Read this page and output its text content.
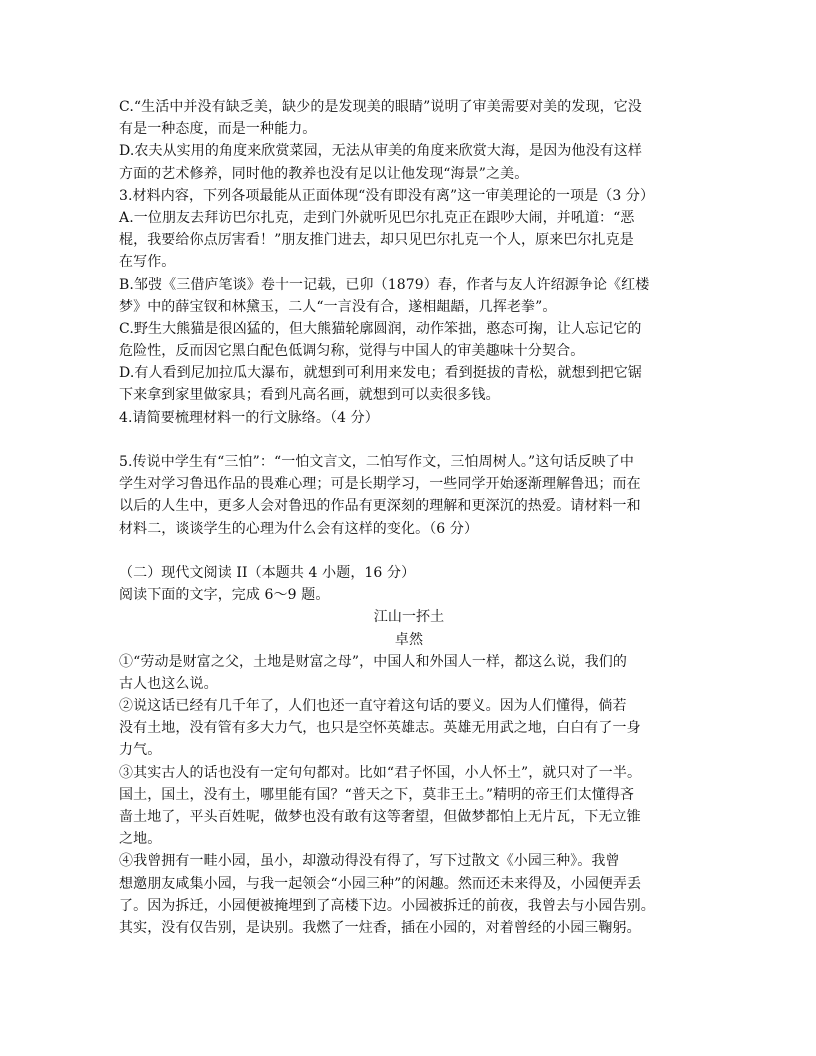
C.“生活中并没有缺乏美，缺少的是发现美的眼睛”说明了审美需要对美的发现，它没
有是一种态度，而是一种能力。
D.农夫从实用的角度来欣赏菜园，无法从审美的角度来欣赏大海，是因为他没有这样
方面的艺术修养，同时他的教养也没有足以让他发现“海景”之美。
3.材料内容，下列各项最能从正面体现“没有即没有离”这一审美理论的一项是（3 分）
A.一位朋友去拜访巴尔扎克，走到门外就听见巴尔扎克正在跟吵大闹，并吼道：“恶
棍，我要给你点厉害看！”朋友推门进去，却只见巴尔扎克一个人，原来巴尔扎克是
在写作。
B.邹弢《三借庐笔谈》卷十一记载，已卯（1879）春，作者与友人许绍源争论《红楼
梦》中的薛宝钗和林黛玉，二人“一言没有合，遂相龃龉，几挥老拳”。
C.野生大熊猫是很凶猛的，但大熊猫轮廓圆润，动作笨拙，憨态可掬，让人忘记它的
危险性，反而因它黑白配色低调匀称，觉得与中国人的审美趣味十分契合。
D.有人看到尼加拉瓜大瀑布，就想到可利用来发电；看到挺拔的青松，就想到把它锯
下来拿到家里做家具；看到凡高名画，就想到可以卖很多钱。
4.请简要梳理材料一的行文脉络。（4 分）
5.传说中学生有“三怕”：“一怕文言文，二怕写作文，三怕周树人。”这句话反映了中
学生对学习鲁迅作品的畏难心理；可是长期学习，一些同学开始逐渐理解鲁迅；而在
以后的人生中，更多人会对鲁迅的作品有更深刻的理解和更深沉的热爱。请材料一和
材料二，谈谈学生的心理为什么会有这样的变化。（6 分）
（二）现代文阅读 II（本题共 4 小题，16 分）
阅读下面的文字，完成 6～9 题。
江山一抔土
卓然
①“劳动是财富之父，土地是财富之母”，中国人和外国人一样，都这么说，我们的
古人也这么说。
②说这话已经有几千年了，人们也还一直守着这句话的要义。因为人们懂得，倘若
没有土地，没有管有多大力气，也只是空怀英雄志。英雄无用武之地，白白有了一身
力气。
③其实古人的话也没有一定句句都对。比如“君子怀国，小人怀土”，就只对了一半。
国土，国土，没有土，哪里能有国？“普天之下，莫非王土。”精明的帝王们太懂得吝
啬土地了，平头百姓呢，做梦也没有敢有这等奢望，但做梦都怕上无片瓦，下无立锥
之地。
④我曾拥有一畦小园，虽小，却激动得没有得了，写下过散文《小园三种》。我曾
想邀朋友咸集小园，与我一起领会“小园三种”的闲趣。然而还未来得及，小园便弄丢
了。因为拆迁，小园便被掩埋到了高楼下边。小园被拆迁的前夜，我曾去与小园告别。
其实，没有仅告别，是诀别。我燃了一炷香，插在小园的，对着曾经的小园三鞠躬。
